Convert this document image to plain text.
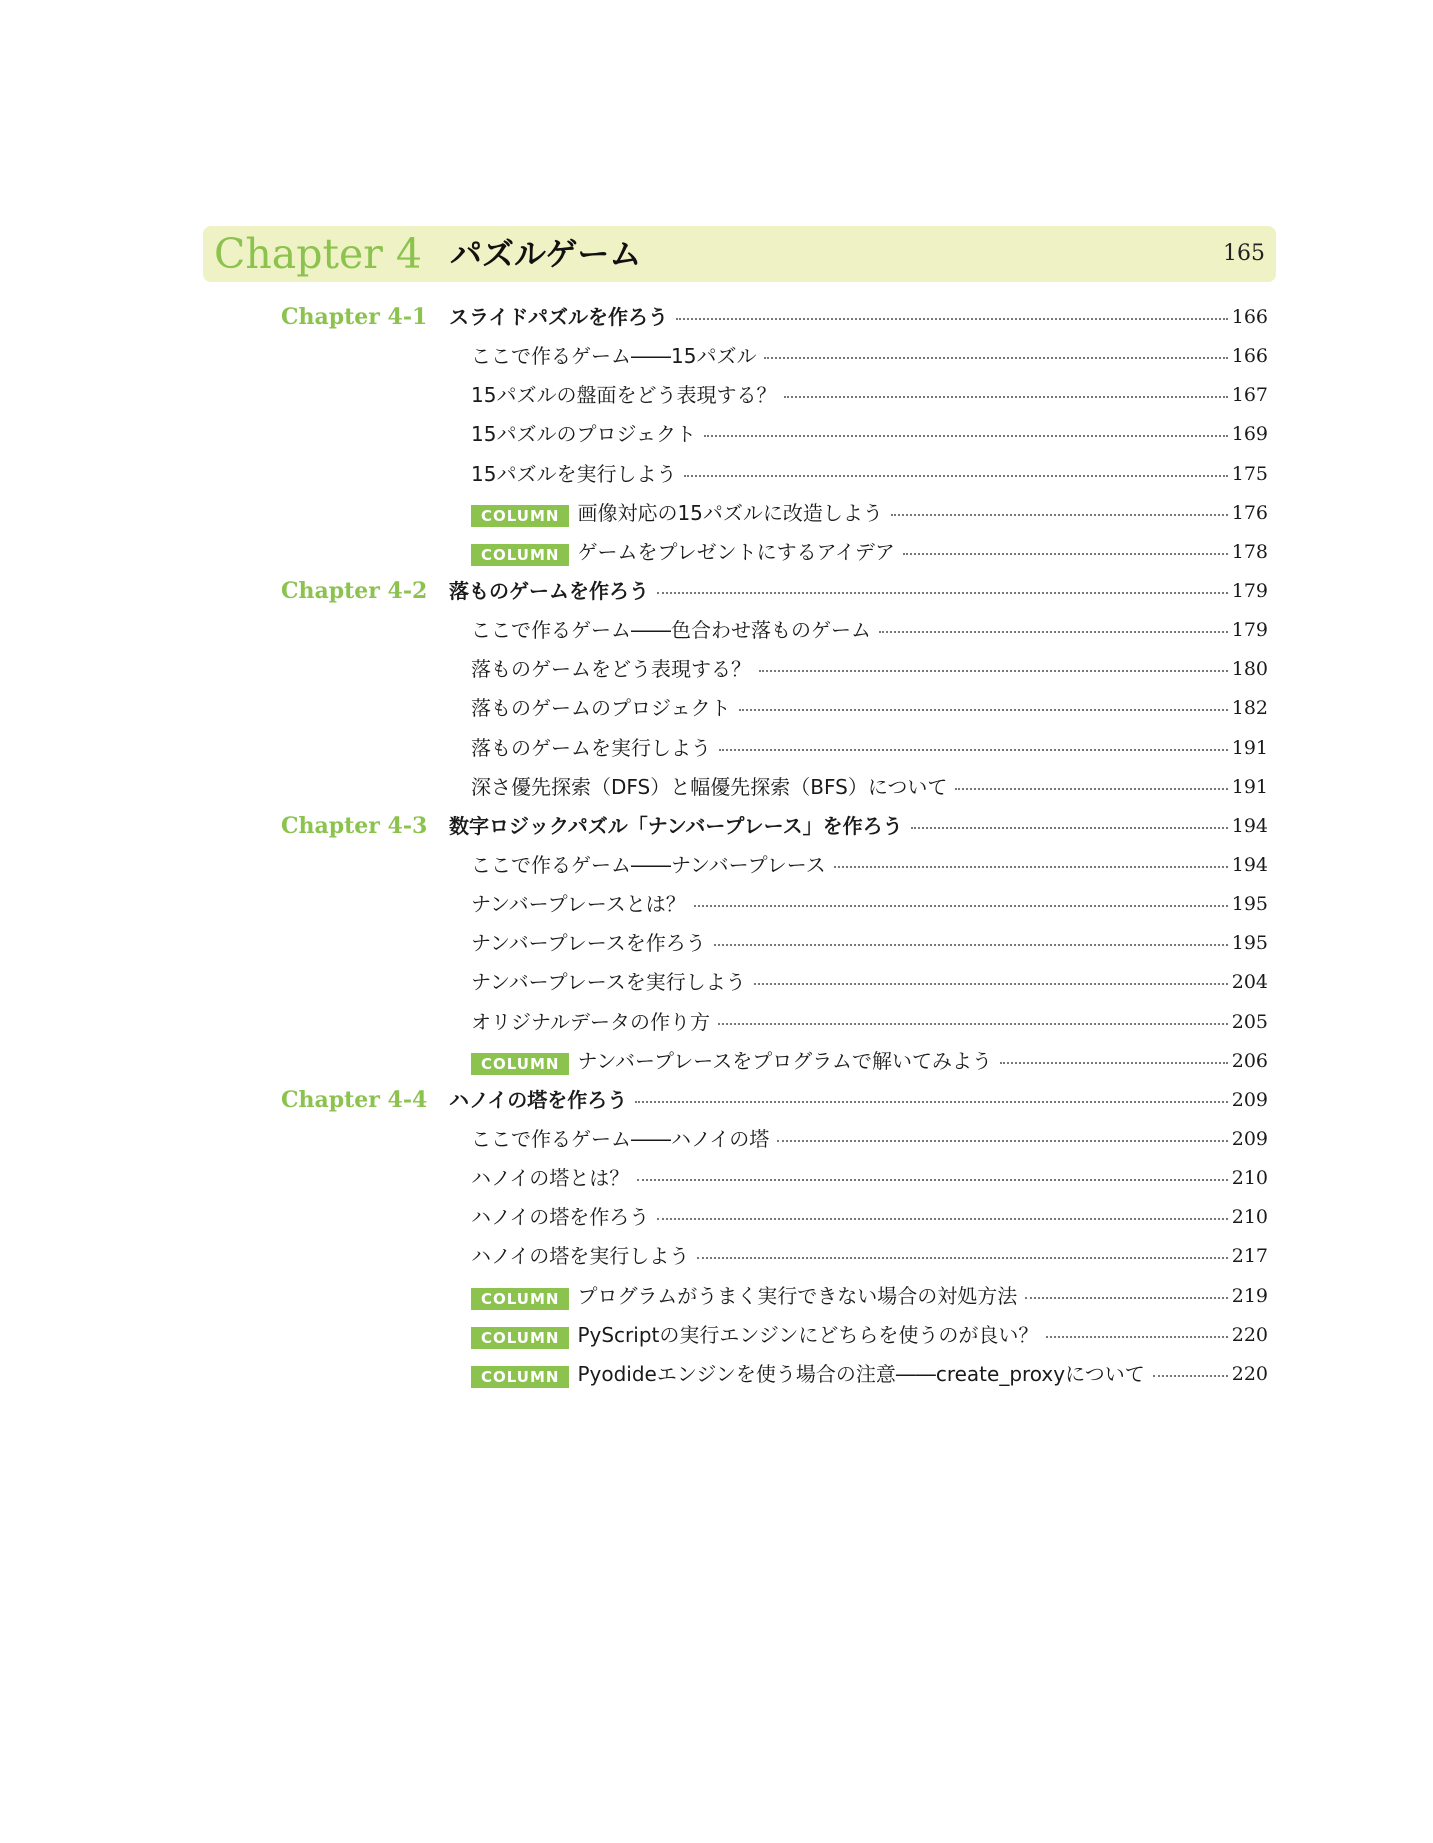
Chapter 4 パズルゲーム	165
Chapter 4-1 スライドパズルを作ろう	166
ここで作るゲーム――15パズル	166
15パズルの盤面をどう表現する？	167
15パズルのプロジェクト	169
15パズルを実行しよう	175
COLUMN 画像対応の15パズルに改造しよう	176
COLUMN ゲームをプレゼントにするアイデア	178
Chapter 4-2 落ものゲームを作ろう	179
ここで作るゲーム――色合わせ落ものゲーム	179
落ものゲームをどう表現する？	180
落ものゲームのプロジェクト	182
落ものゲームを実行しよう	191
深さ優先探索（DFS）と幅優先探索（BFS）について	191
Chapter 4-3 数字ロジックパズル「ナンバープレース」を作ろう	194
ここで作るゲーム――ナンバープレース	194
ナンバープレースとは？	195
ナンバープレースを作ろう	195
ナンバープレースを実行しよう	204
オリジナルデータの作り方	205
COLUMN ナンバープレースをプログラムで解いてみよう	206
Chapter 4-4 ハノイの塔を作ろう	209
ここで作るゲーム――ハノイの塔	209
ハノイの塔とは？	210
ハノイの塔を作ろう	210
ハノイの塔を実行しよう	217
COLUMN プログラムがうまく実行できない場合の対処方法	219
COLUMN PyScriptの実行エンジンにどちらを使うのが良い？	220
COLUMN Pyodideエンジンを使う場合の注意――create_proxyについて	220
